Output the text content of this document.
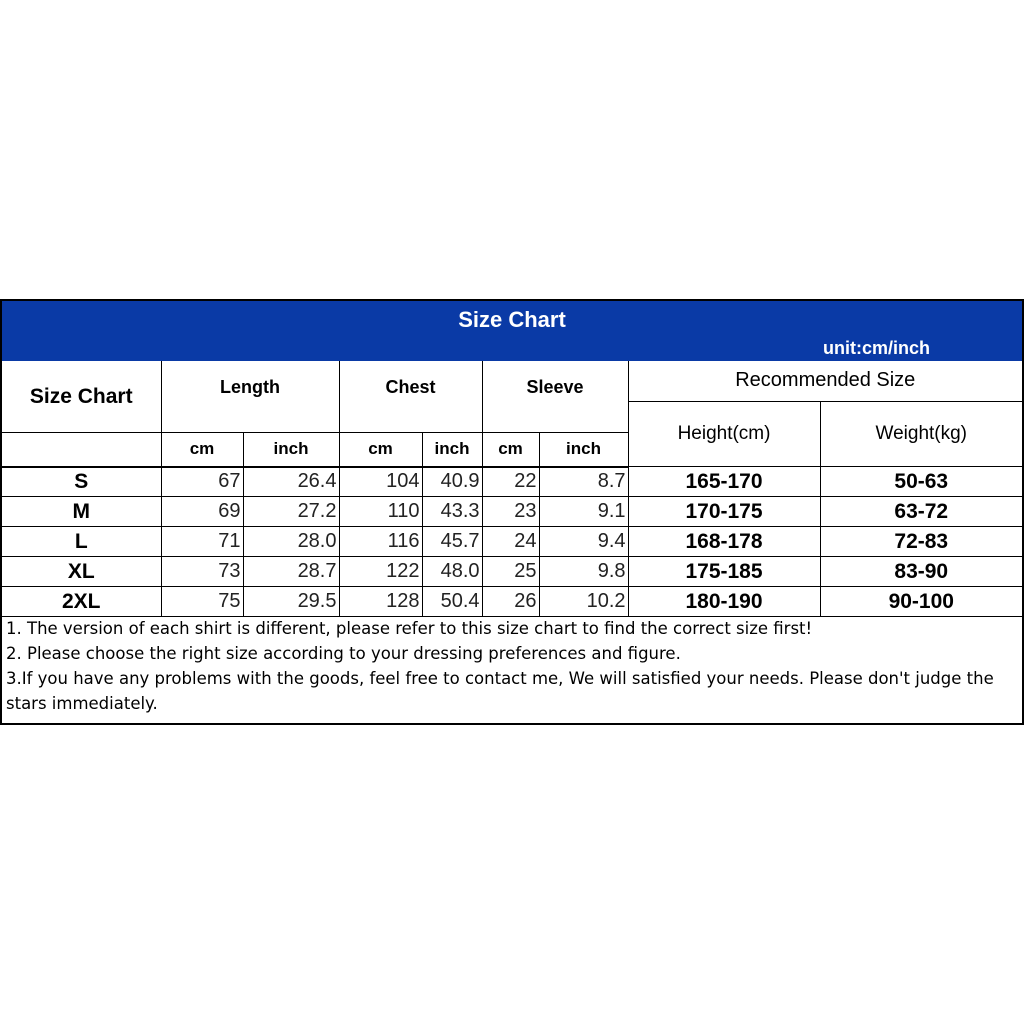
Size Chart
unit:cm/inch
Size Chart	Length		Chest		Sleeve		Recommended Size	
							Height(cm)	Weight(kg)
	cm	inch	cm	inch	cm	inch		
S	67	26.4	104	40.9	22	8.7	165-170	50-63
M	69	27.2	110	43.3	23	9.1	170-175	63-72
L	71	28.0	116	45.7	24	9.4	168-178	72-83
XL	73	28.7	122	48.0	25	9.8	175-185	83-90
2XL	75	29.5	128	50.4	26	10.2	180-190	90-100

1. The version of each shirt is different, please refer to this size chart to find the correct size first!

2. Please choose the right size according to your dressing preferences and figure.

3.If you have any problems with the goods, feel free to contact me, We will satisfied your needs. Please don't judge the stars immediately.
